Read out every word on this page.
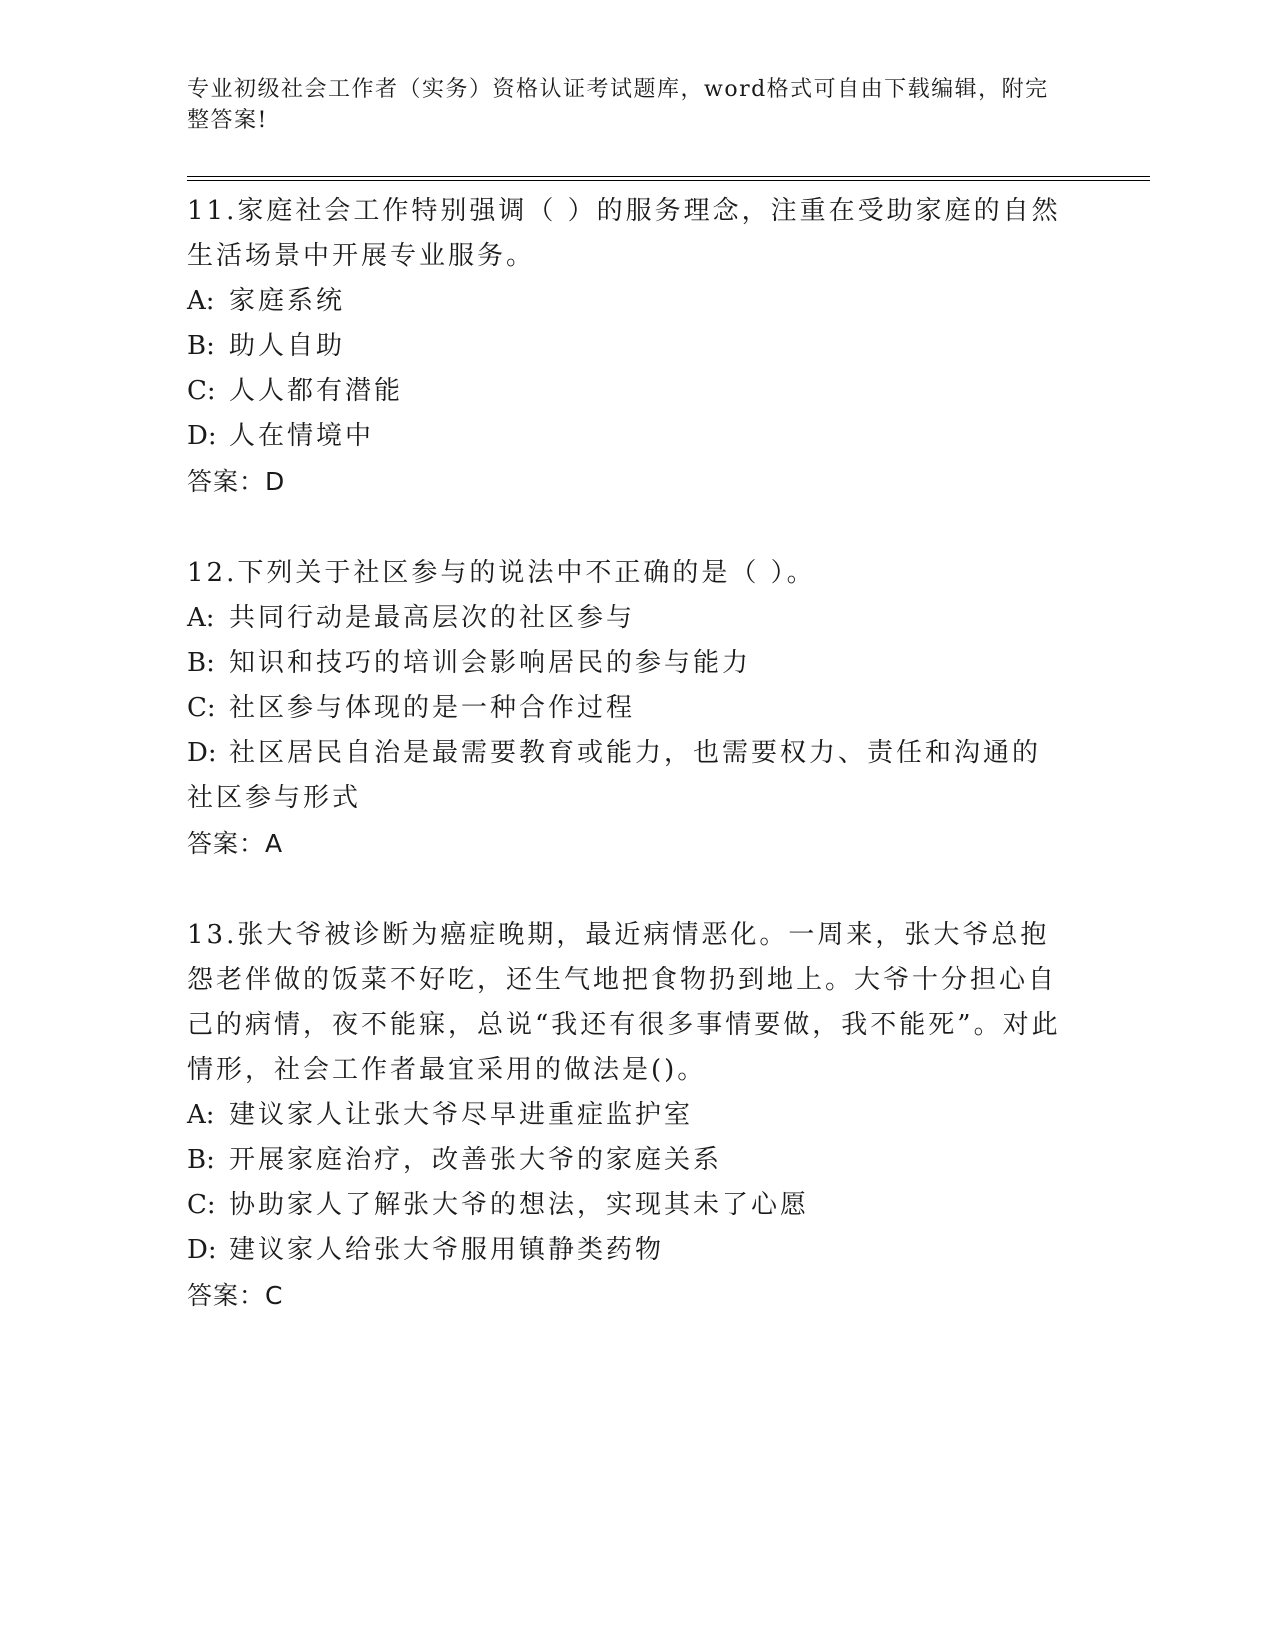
专业初级社会工作者（实务）资格认证考试题库，word格式可自由下载编辑，附完整答案!

11.家庭社会工作特别强调（ ）的服务理念，注重在受助家庭的自然生活场景中开展专业服务。

A: 家庭系统

B: 助人自助

C: 人人都有潜能

D: 人在情境中

答案：D

12.下列关于社区参与的说法中不正确的是（ ）。

A: 共同行动是最高层次的社区参与

B: 知识和技巧的培训会影响居民的参与能力

C: 社区参与体现的是一种合作过程

D: 社区居民自治是最需要教育或能力，也需要权力、责任和沟通的社区参与形式

答案：A

13.张大爷被诊断为癌症晚期，最近病情恶化。一周来，张大爷总抱怨老伴做的饭菜不好吃，还生气地把食物扔到地上。大爷十分担心自己的病情，夜不能寐，总说“我还有很多事情要做，我不能死”。对此情形，社会工作者最宜采用的做法是()。

A: 建议家人让张大爷尽早进重症监护室

B: 开展家庭治疗，改善张大爷的家庭关系

C: 协助家人了解张大爷的想法，实现其未了心愿

D: 建议家人给张大爷服用镇静类药物

答案：C
